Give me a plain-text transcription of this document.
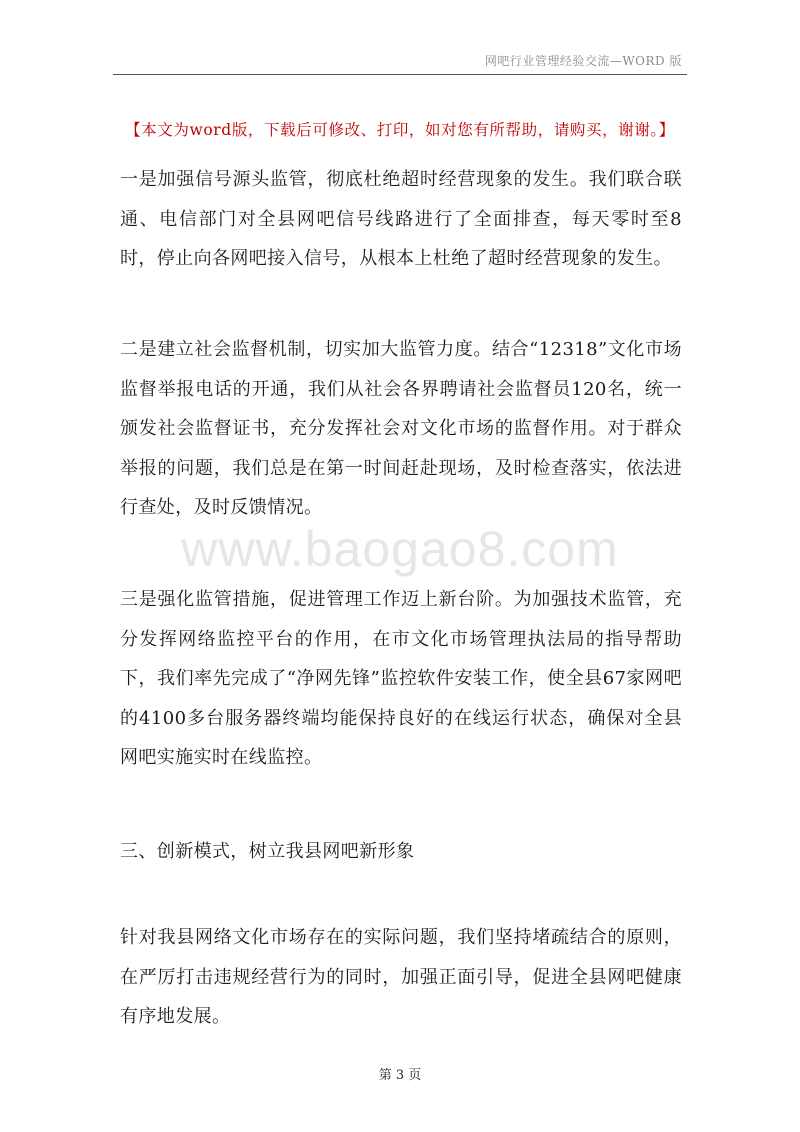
网吧行业管理经验交流—WORD 版
【本文为word版，下载后可修改、打印，如对您有所帮助，请购买，谢谢。】
www.baogao8.com
一是加强信号源头监管，彻底杜绝超时经营现象的发生。我们联合联通、电信部门对全县网吧信号线路进行了全面排查，每天零时至8时，停止向各网吧接入信号，从根本上杜绝了超时经营现象的发生。
二是建立社会监督机制，切实加大监管力度。结合“12318”文化市场监督举报电话的开通，我们从社会各界聘请社会监督员120名，统一颁发社会监督证书，充分发挥社会对文化市场的监督作用。对于群众举报的问题，我们总是在第一时间赶赴现场，及时检查落实，依法进行查处，及时反馈情况。
三是强化监管措施，促进管理工作迈上新台阶。为加强技术监管，充分发挥网络监控平台的作用，在市文化市场管理执法局的指导帮助下，我们率先完成了“净网先锋”监控软件安装工作，使全县67家网吧的4100多台服务器终端均能保持良好的在线运行状态，确保对全县网吧实施实时在线监控。
三、创新模式，树立我县网吧新形象
针对我县网络文化市场存在的实际问题，我们坚持堵疏结合的原则，在严厉打击违规经营行为的同时，加强正面引导，促进全县网吧健康有序地发展。
第 3 页
